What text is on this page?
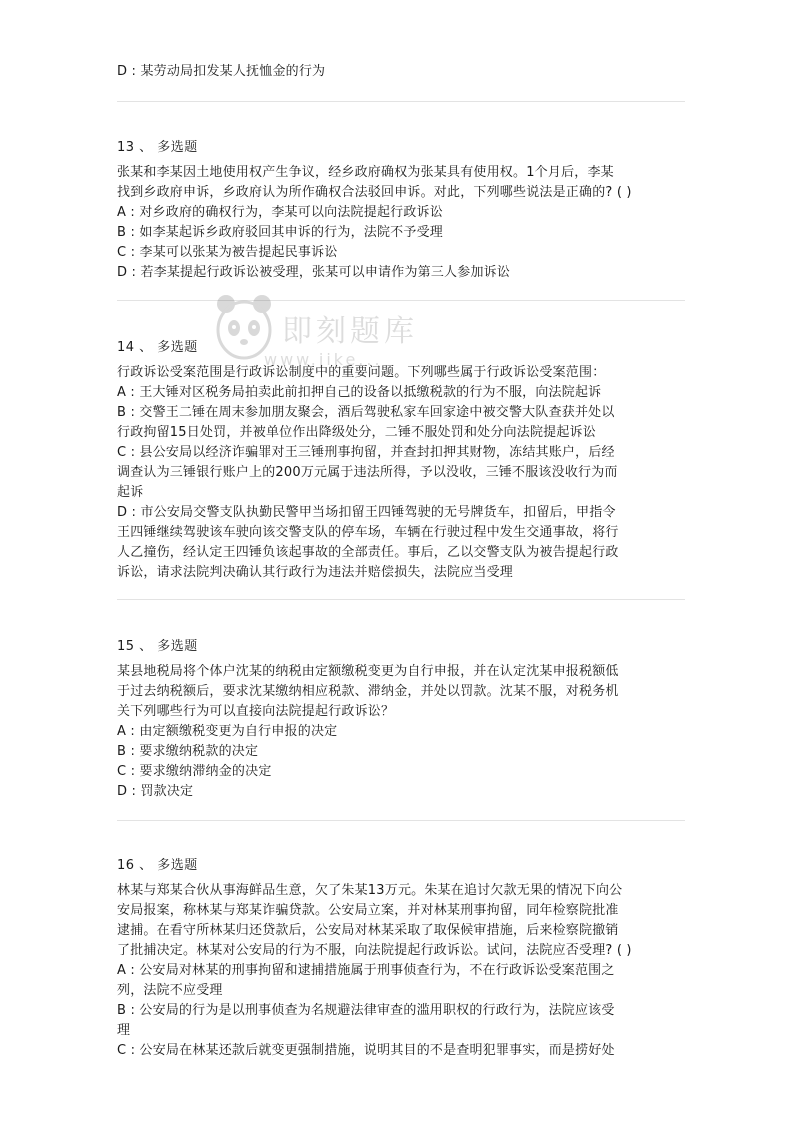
D : 某劳动局扣发某人抚恤金的行为
13 、 多选题
张某和李某因土地使用权产生争议，经乡政府确权为张某具有使用权。1个月后，李某
找到乡政府申诉，乡政府认为所作确权合法驳回申诉。对此，下列哪些说法是正确的? ( )
A : 对乡政府的确权行为，李某可以向法院提起行政诉讼
B : 如李某起诉乡政府驳回其申诉的行为，法院不予受理
C : 李某可以张某为被告提起民事诉讼
D : 若李某提起行政诉讼被受理，张某可以申请作为第三人参加诉讼
14 、 多选题
行政诉讼受案范围是行政诉讼制度中的重要问题。下列哪些属于行政诉讼受案范围：
A : 王大锤对区税务局拍卖此前扣押自己的设备以抵缴税款的行为不服，向法院起诉
B : 交警王二锤在周末参加朋友聚会，酒后驾驶私家车回家途中被交警大队查获并处以
行政拘留15日处罚，并被单位作出降级处分，二锤不服处罚和处分向法院提起诉讼
C : 县公安局以经济诈骗罪对王三锤刑事拘留，并查封扣押其财物，冻结其账户，后经
调查认为三锤银行账户上的200万元属于违法所得，予以没收，三锤不服该没收行为而
起诉
D : 市公安局交警支队执勤民警甲当场扣留王四锤驾驶的无号牌货车，扣留后，甲指令
王四锤继续驾驶该车驶向该交警支队的停车场，车辆在行驶过程中发生交通事故，将行
人乙撞伤，经认定王四锤负该起事故的全部责任。事后，乙以交警支队为被告提起行政
诉讼，请求法院判决确认其行政行为违法并赔偿损失，法院应当受理
15 、 多选题
某县地税局将个体户沈某的纳税由定额缴税变更为自行申报，并在认定沈某申报税额低
于过去纳税额后，要求沈某缴纳相应税款、滞纳金，并处以罚款。沈某不服，对税务机
关下列哪些行为可以直接向法院提起行政诉讼？
A : 由定额缴税变更为自行申报的决定
B : 要求缴纳税款的决定
C : 要求缴纳滞纳金的决定
D : 罚款决定
16 、 多选题
林某与郑某合伙从事海鲜品生意，欠了朱某13万元。朱某在追讨欠款无果的情况下向公
安局报案，称林某与郑某诈骗贷款。公安局立案，并对林某刑事拘留，同年检察院批准
逮捕。在看守所林某归还贷款后，公安局对林某采取了取保候审措施，后来检察院撤销
了批捕决定。林某对公安局的行为不服，向法院提起行政诉讼。试问，法院应否受理? ( )
A : 公安局对林某的刑事拘留和逮捕措施属于刑事侦查行为，不在行政诉讼受案范围之
列，法院不应受理
B : 公安局的行为是以刑事侦查为名规避法律审查的滥用职权的行政行为，法院应该受
理
C : 公安局在林某还款后就变更强制措施，说明其目的不是查明犯罪事实，而是捞好处
即刻题库
www.jike...
